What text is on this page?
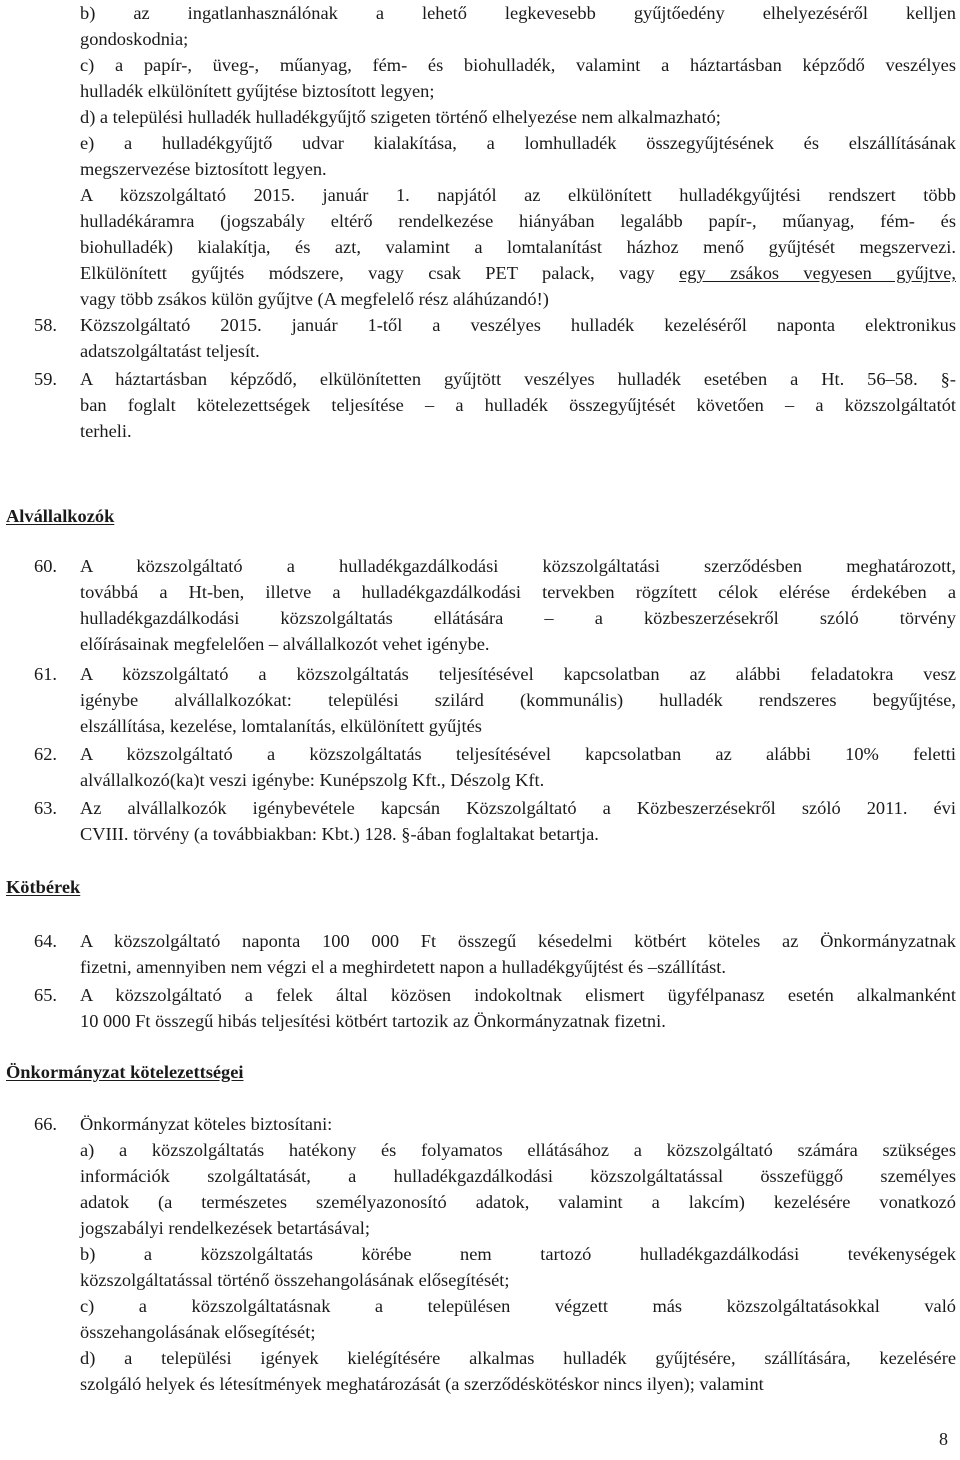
b) az ingatlanhasználónak a lehető legkevesebb gyűjtőedény elhelyezéséről kelljen

gondoskodnia;

c) a papír-, üveg-, műanyag, fém- és biohulladék, valamint a háztartásban képződő veszélyes

hulladék elkülönített gyűjtése biztosított legyen;

d) a települési hulladék hulladékgyűjtő szigeten történő elhelyezése nem alkalmazható;

e) a hulladékgyűjtő udvar kialakítása, a lomhulladék összegyűjtésének és elszállításának

megszervezése biztosított legyen.

A közszolgáltató 2015. január 1. napjától az elkülönített hulladékgyűjtési rendszert több

hulladékáramra (jogszabály eltérő rendelkezése hiányában legalább papír-, műanyag, fém- és

biohulladék) kialakítja, és azt, valamint a lomtalanítást házhoz menő gyűjtését megszervezi.

Elkülönített gyűjtés módszere, vagy csak PET palack, vagy egy zsákos vegyesen gyűjtve,

vagy több zsákos külön gyűjtve (A megfelelő rész aláhúzandó!)

58.	Közszolgáltató 2015. január 1-től a veszélyes hulladék kezeléséről naponta elektronikus

adatszolgáltatást teljesít.

59.	A háztartásban képződő, elkülönítetten gyűjtött veszélyes hulladék esetében a Ht. 56–58. §-

ban foglalt kötelezettségek teljesítése – a hulladék összegyűjtését követően – a közszolgáltatót

terheli.

Alvállalkozók

60.	A közszolgáltató a hulladékgazdálkodási közszolgáltatási szerződésben meghatározott,

továbbá a Ht-ben, illetve a hulladékgazdálkodási tervekben rögzített célok elérése érdekében a

hulladékgazdálkodási közszolgáltatás ellátására – a közbeszerzésekről szóló törvény

előírásainak megfelelően – alvállalkozót vehet igénybe.

61.	A közszolgáltató a közszolgáltatás teljesítésével kapcsolatban az alábbi feladatokra vesz

igénybe alvállalkozókat: települési szilárd (kommunális) hulladék rendszeres begyűjtése,

elszállítása, kezelése, lomtalanítás, elkülönített gyűjtés

62.	A közszolgáltató a közszolgáltatás teljesítésével kapcsolatban az alábbi 10% feletti

alvállalkozó(ka)t veszi igénybe: Kunépszolg Kft., Dészolg Kft.

63.	Az alvállalkozók igénybevétele kapcsán Közszolgáltató a Közbeszerzésekről szóló 2011. évi

CVIII. törvény (a továbbiakban: Kbt.) 128. §-ában foglaltakat betartja.

Kötbérek

64.	A közszolgáltató naponta 100 000 Ft összegű késedelmi kötbért köteles az Önkormányzatnak

fizetni, amennyiben nem végzi el a meghirdetett napon a hulladékgyűjtést és –szállítást.

65.	A közszolgáltató a felek által közösen indokoltnak elismert ügyfélpanasz esetén alkalmanként

10 000 Ft összegű hibás teljesítési kötbért tartozik az Önkormányzatnak fizetni.

Önkormányzat kötelezettségei

66.	Önkormányzat köteles biztosítani:

a) a közszolgáltatás hatékony és folyamatos ellátásához a közszolgáltató számára szükséges

információk szolgáltatását, a hulladékgazdálkodási közszolgáltatással összefüggő személyes

adatok (a természetes személyazonosító adatok, valamint a lakcím) kezelésére vonatkozó

jogszabályi rendelkezések betartásával;

b) a közszolgáltatás körébe nem tartozó hulladékgazdálkodási tevékenységek

közszolgáltatással történő összehangolásának elősegítését;

c) a közszolgáltatásnak a településen végzett más közszolgáltatásokkal való

összehangolásának elősegítését;

d) a települési igények kielégítésére alkalmas hulladék gyűjtésére, szállítására, kezelésére

szolgáló helyek és létesítmények meghatározását (a szerződéskötéskor nincs ilyen); valamint

8
